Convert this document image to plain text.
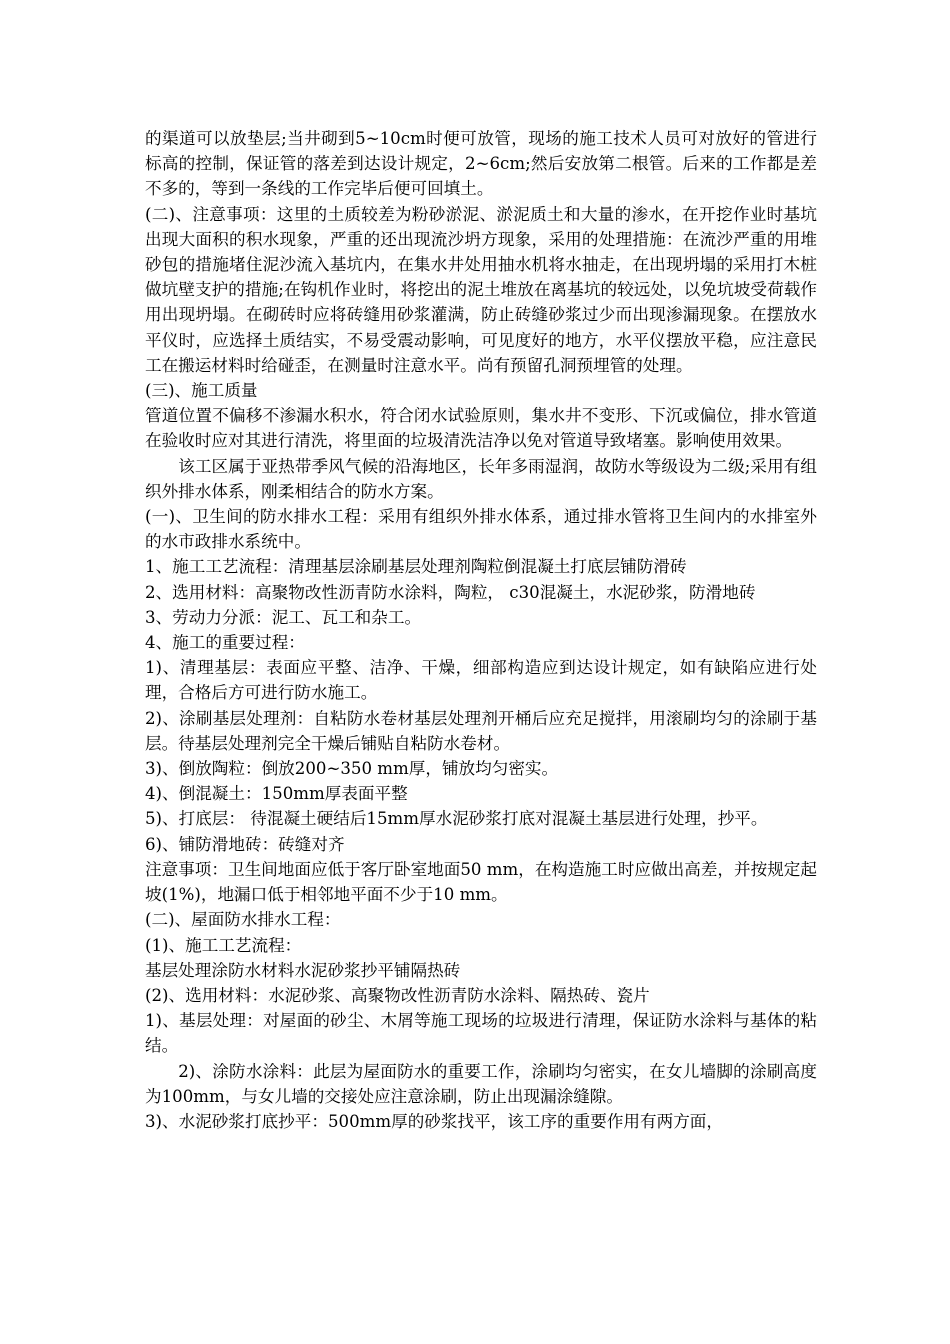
的渠道可以放垫层;当井砌到5~10cm时便可放管，现场的施工技术人员可对放好的管进行标高的控制，保证管的落差到达设计规定，2~6cm;然后安放第二根管。后来的工作都是差不多的，等到一条线的工作完毕后便可回填土。

(二)、注意事项：这里的土质较差为粉砂淤泥、淤泥质土和大量的渗水，在开挖作业时基坑出现大面积的积水现象，严重的还出现流沙坍方现象，采用的处理措施：在流沙严重的用堆砂包的措施堵住泥沙流入基坑内，在集水井处用抽水机将水抽走，在出现坍塌的采用打木桩做坑壁支护的措施;在钩机作业时，将挖出的泥土堆放在离基坑的较远处，以免坑坡受荷载作用出现坍塌。在砌砖时应将砖缝用砂浆灌满，防止砖缝砂浆过少而出现渗漏现象。在摆放水平仪时，应选择土质结实，不易受震动影响，可见度好的地方，水平仪摆放平稳，应注意民工在搬运材料时给碰歪，在测量时注意水平。尚有预留孔洞预埋管的处理。

(三)、施工质量

管道位置不偏移不渗漏水积水，符合闭水试验原则，集水井不变形、下沉或偏位，排水管道在验收时应对其进行清洗，将里面的垃圾清洗洁净以免对管道导致堵塞。影响使用效果。

该工区属于亚热带季风气候的沿海地区，长年多雨湿润，故防水等级设为二级;采用有组织外排水体系，刚柔相结合的防水方案。

(一)、卫生间的防水排水工程：采用有组织外排水体系，通过排水管将卫生间内的水排室外的水市政排水系统中。

1、施工工艺流程：清理基层涂刷基层处理剂陶粒倒混凝土打底层铺防滑砖

2、选用材料：高聚物改性沥青防水涂料，陶粒， c30混凝土，水泥砂浆，防滑地砖

3、劳动力分派：泥工、瓦工和杂工。

4、施工的重要过程：

1)、清理基层：表面应平整、洁净、干燥，细部构造应到达设计规定，如有缺陷应进行处理，合格后方可进行防水施工。

2)、涂刷基层处理剂：自粘防水卷材基层处理剂开桶后应充足搅拌，用滚刷均匀的涂刷于基层。待基层处理剂完全干燥后铺贴自粘防水卷材。

3)、倒放陶粒：倒放200~350 mm厚，铺放均匀密实。

4)、倒混凝土：150mm厚表面平整

5)、打底层： 待混凝土硬结后15mm厚水泥砂浆打底对混凝土基层进行处理，抄平。

6)、铺防滑地砖：砖缝对齐

注意事项：卫生间地面应低于客厅卧室地面50 mm，在构造施工时应做出高差，并按规定起坡(1%)，地漏口低于相邻地平面不少于10 mm。

(二)、屋面防水排水工程：

(1)、施工工艺流程：

基层处理涂防水材料水泥砂浆抄平铺隔热砖

(2)、选用材料：水泥砂浆、高聚物改性沥青防水涂料、隔热砖、瓷片

1)、基层处理：对屋面的砂尘、木屑等施工现场的垃圾进行清理，保证防水涂料与基体的粘结。

2)、涂防水涂料：此层为屋面防水的重要工作，涂刷均匀密实，在女儿墙脚的涂刷高度为100mm，与女儿墙的交接处应注意涂刷，防止出现漏涂缝隙。

3)、水泥砂浆打底抄平：500mm厚的砂浆找平，该工序的重要作用有两方面，
